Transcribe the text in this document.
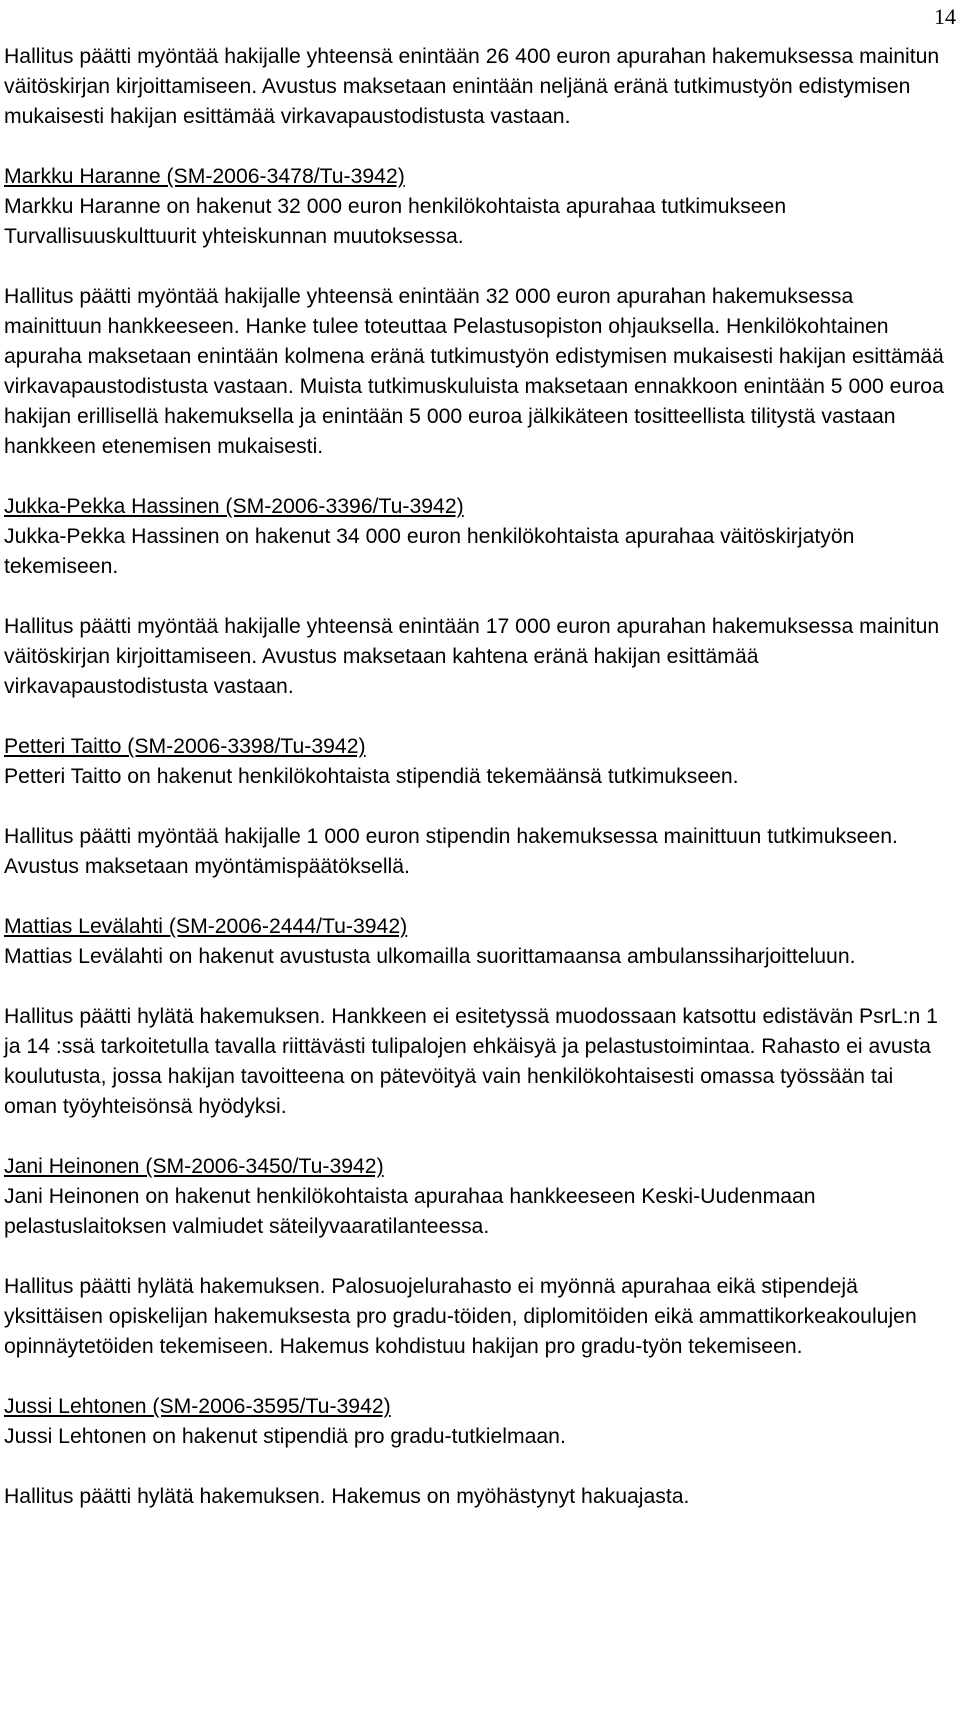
14

Hallitus päätti myöntää hakijalle yhteensä enintään 26 400 euron apurahan hakemuksessa mainitun väitöskirjan kirjoittamiseen. Avustus maksetaan enintään neljänä eränä tutkimustyön edistymisen mukaisesti hakijan esittämää virkavapaustodistusta vastaan.

Markku Haranne (SM-2006-3478/Tu-3942)
Markku Haranne on hakenut 32 000 euron henkilökohtaista apurahaa tutkimukseen Turvallisuuskulttuurit yhteiskunnan muutoksessa.

Hallitus päätti myöntää hakijalle yhteensä enintään 32 000 euron apurahan hakemuksessa mainittuun hankkeeseen. Hanke tulee toteuttaa Pelastusopiston ohjauksella. Henkilökohtainen apuraha maksetaan enintään kolmena eränä tutkimustyön edistymisen mukaisesti hakijan esittämää virkavapaustodistusta vastaan. Muista tutkimuskuluista maksetaan ennakkoon enintään 5 000 euroa hakijan erillisellä hakemuksella ja enintään 5 000 euroa jälkikäteen tositteellista tilitystä vastaan hankkeen etenemisen mukaisesti.

Jukka-Pekka Hassinen (SM-2006-3396/Tu-3942)
Jukka-Pekka Hassinen on hakenut 34 000 euron henkilökohtaista apurahaa väitöskirjatyön tekemiseen.

Hallitus päätti myöntää hakijalle yhteensä enintään 17 000 euron apurahan hakemuksessa mainitun väitöskirjan kirjoittamiseen. Avustus maksetaan kahtena eränä hakijan esittämää virkavapaustodistusta vastaan.

Petteri Taitto (SM-2006-3398/Tu-3942)
Petteri Taitto on hakenut henkilökohtaista stipendiä tekemäänsä tutkimukseen.

Hallitus päätti myöntää hakijalle 1 000 euron stipendin hakemuksessa mainittuun tutkimukseen. Avustus maksetaan myöntämispäätöksellä.

Mattias Levälahti (SM-2006-2444/Tu-3942)
Mattias Levälahti on hakenut avustusta ulkomailla suorittamaansa ambulanssiharjoitteluun.

Hallitus päätti hylätä hakemuksen. Hankkeen ei esitetyssä muodossaan katsottu edistävän PsrL:n 1 ja 14 :ssä tarkoitetulla tavalla riittävästi tulipalojen ehkäisyä ja pelastustoimintaa. Rahasto ei avusta koulutusta, jossa hakijan tavoitteena on pätevöityä vain henkilökohtaisesti omassa työssään tai oman työyhteisönsä hyödyksi.

Jani Heinonen (SM-2006-3450/Tu-3942)
Jani Heinonen on hakenut henkilökohtaista apurahaa hankkeeseen Keski-Uudenmaan pelastuslaitoksen valmiudet säteilyvaaratilanteessa.

Hallitus päätti hylätä hakemuksen. Palosuojelurahasto ei myönnä apurahaa eikä stipendejä yksittäisen opiskelijan hakemuksesta pro gradu-töiden, diplomitöiden eikä ammattikorkeakoulujen opinnäytetöiden tekemiseen. Hakemus kohdistuu hakijan pro gradu-työn tekemiseen.

Jussi Lehtonen (SM-2006-3595/Tu-3942)
Jussi Lehtonen on hakenut stipendiä pro gradu-tutkielmaan.

Hallitus päätti hylätä hakemuksen. Hakemus on myöhästynyt hakuajasta.
